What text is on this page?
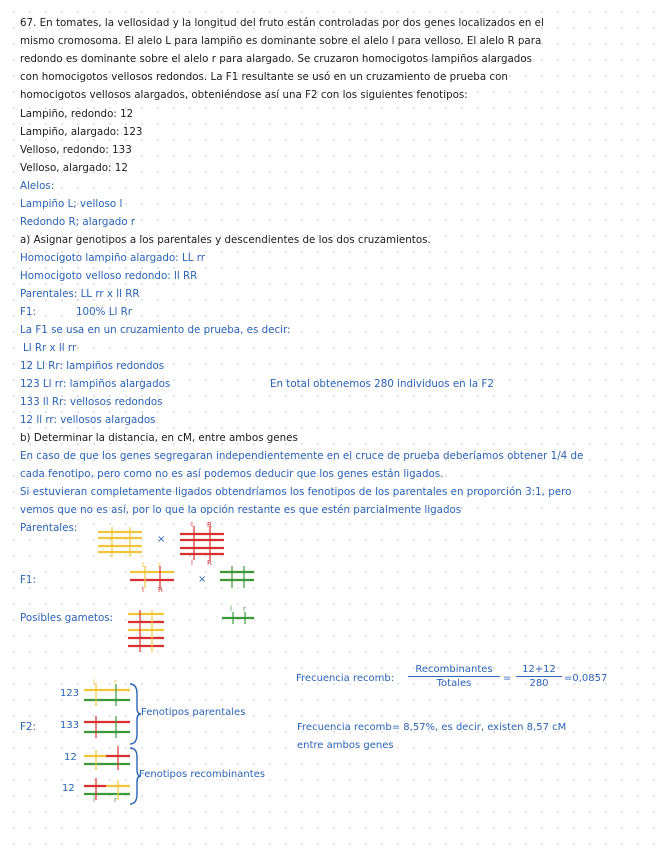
67. En tomates, la vellosidad y la longitud del fruto están controladas por dos genes localizados en el
mismo cromosoma. El alelo L para lampiño es dominante sobre el alelo l para velloso. El alelo R para
redondo es dominante sobre el alelo r para alargado. Se cruzaron homocigotos lampiños alargados
con homocigotos vellosos redondos. La F1 resultante se usó en un cruzamiento de prueba con
homocigotos vellosos alargados, obteniéndose así una F2 con los siguientes fenotipos:
Lampiño, redondo: 12
Lampiño, alargado: 123
Velloso, redondo: 133
Velloso, alargado: 12
Alelos:
Lampiño L; velloso l
Redondo R; alargado r
a) Asignar genotipos a los parentales y descendientes de los dos cruzamientos.
Homocigoto lampiño alargado: LL rr
Homocigoto velloso redondo: ll RR
Parentales: LL rr x ll RR
F1:	100% Ll Rr
La F1 se usa en un cruzamiento de prueba, es decir:
Ll Rr x ll rr
12 Ll Rr: lampiños redondos
123 Ll rr: lampiños alargados	En total obtenemos 280 individuos en la F2
133 ll Rr: vellosos redondos
12 ll rr: vellosos alargados
b) Determinar la distancia, en cM, entre ambos genes
En caso de que los genes segregaran independientemente en el cruce de prueba deberíamos obtener 1/4 de
cada fenotipo, pero como no es así podemos deducir que los genes están ligados.
Si estuvieran completamente ligados obtendríamos los fenotipos de los parentales en proporción 3:1, pero
vemos que no es así, por lo que la opción restante es que estén parcialmente ligados
Parentales:
F1:
Posibles gametos:
F2:
×
×
123
133
12
12
Fenotipos parentales
Fenotipos recombinantes
l R
l R
L r
l R
l r
L r
l	r
Frecuencia recomb:
Recombinantes
Totales	= $\frac{12+12}{280} =0,0857$
Frecuencia recomb= 8,57%, es decir, existen 8,57 cM
entre ambos genes
